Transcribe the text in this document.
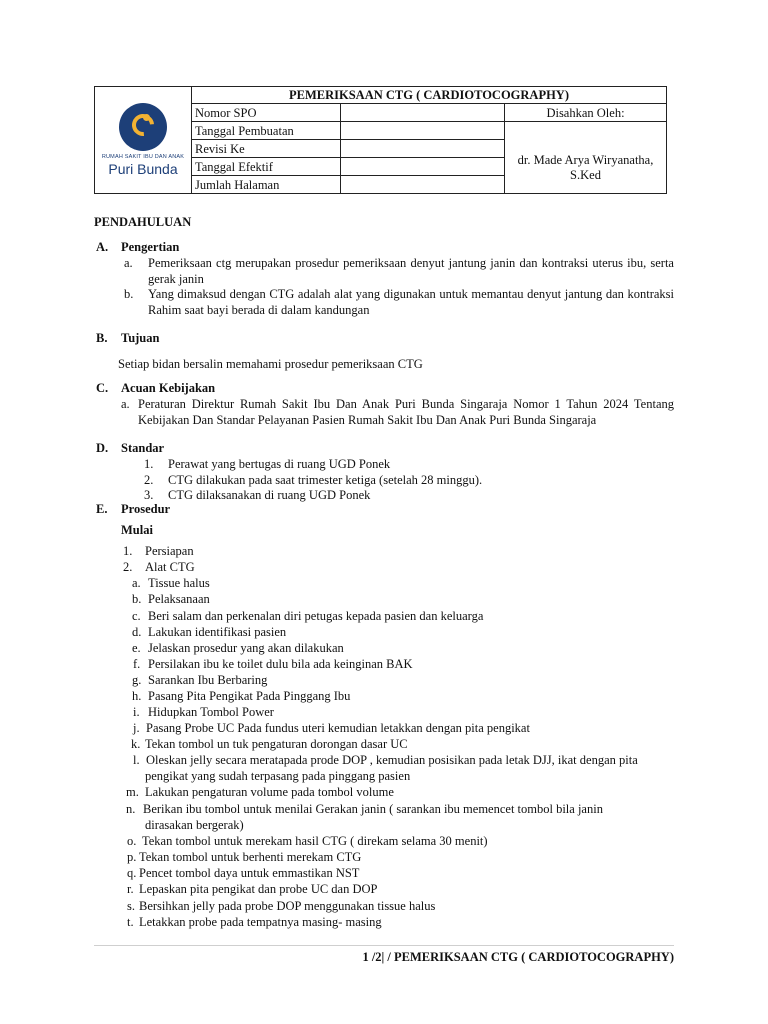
RUMAH SAKIT IBU DAN ANAK
Puri Bunda	PEMERIKSAAN CTG ( CARDIOTOCOGRAPHY)		
	Nomor SPO		Disahkan Oleh:
	Tanggal Pembuatan		dr. Made Arya Wiryanatha, S.Ked
	Revisi Ke		
	Tanggal Efektif		
	Jumlah Halaman		
PENDAHULUAN
A. Pengertian
a. Pemeriksaan ctg merupakan prosedur pemeriksaan denyut jantung janin dan kontraksi uterus ibu, serta gerak janin
b. Yang dimaksud dengan CTG adalah alat yang digunakan untuk memantau denyut jantung dan kontraksi Rahim saat bayi berada di dalam kandungan
B. Tujuan
Setiap bidan bersalin memahami prosedur pemeriksaan CTG
C. Acuan Kebijakan
a. Peraturan Direktur Rumah Sakit Ibu Dan Anak Puri Bunda Singaraja Nomor 1 Tahun 2024 Tentang Kebijakan Dan Standar Pelayanan Pasien Rumah Sakit Ibu Dan Anak Puri Bunda Singaraja
D. Standar
1. Perawat yang bertugas di ruang UGD Ponek
2. CTG dilakukan pada saat trimester ketiga (setelah 28 minggu).
3. CTG dilaksanakan di ruang UGD Ponek
E. Prosedur
Mulai
1. Persiapan
2. Alat CTG
a. Tissue halus
b. Pelaksanaan
c. Beri salam dan perkenalan diri petugas kepada pasien dan keluarga
d. Lakukan identifikasi pasien
e. Jelaskan prosedur yang akan dilakukan
f. Persilakan ibu ke toilet dulu bila ada keinginan BAK
g. Sarankan Ibu Berbaring
h. Pasang Pita Pengikat Pada Pinggang Ibu
i. Hidupkan Tombol Power
j. Pasang Probe UC Pada fundus uteri kemudian letakkan dengan pita pengikat
k. Tekan tombol un tuk pengaturan dorongan dasar UC
l. Oleskan jelly secara meratapada prode DOP , kemudian posisikan pada letak DJJ, ikat dengan pita
pengikat yang sudah terpasang pada pinggang pasien
m. Lakukan pengaturan volume pada tombol volume
n. Berikan ibu tombol untuk menilai Gerakan janin ( sarankan ibu memencet tombol bila janin
dirasakan bergerak)
o. Tekan tombol untuk merekam hasil CTG ( direkam selama 30 menit)
p. Tekan tombol untuk berhenti merekam CTG
q. Pencet tombol daya untuk emmastikan NST
r. Lepaskan pita pengikat dan probe UC dan DOP
s. Bersihkan jelly pada probe DOP menggunakan tissue halus
t. Letakkan probe pada tempatnya masing- masing
1 /2| / PEMERIKSAAN CTG ( CARDIOTOCOGRAPHY)
